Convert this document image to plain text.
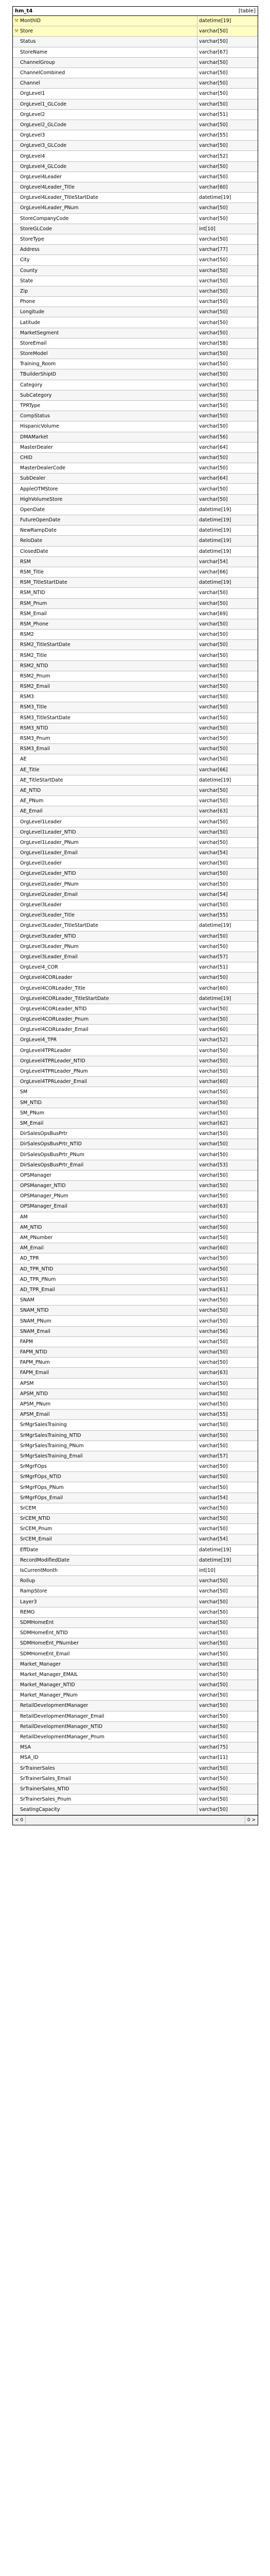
hm_t4	[table]
⚒ MonthID	datetime[19]
⚒ Store	varchar[50]
Status	varchar[50]
StoreName	varchar[67]
ChannelGroup	varchar[50]
ChannelCombined	varchar[50]
Channel	varchar[50]
OrgLevel1	varchar[50]
OrgLevel1_GLCode	varchar[50]
OrgLevel2	varchar[51]
OrgLevel2_GLCode	varchar[50]
OrgLevel3	varchar[55]
OrgLevel3_GLCode	varchar[50]
OrgLevel4	varchar[52]
OrgLevel4_GLCode	varchar[50]
OrgLevel4Leader	varchar[50]
OrgLevel4Leader_Title	varchar[60]
OrgLevel4Leader_TitleStartDate	datetime[19]
OrgLevel4Leader_PNum	varchar[50]
StoreCompanyCode	varchar[50]
StoreGLCode	int[10]
StoreType	varchar[50]
Address	varchar[77]
City	varchar[50]
County	varchar[50]
State	varchar[50]
Zip	varchar[50]
Phone	varchar[50]
Longitude	varchar[50]
Latitude	varchar[50]
MarketSegment	varchar[50]
StoreEmail	varchar[58]
StoreModel	varchar[50]
Training_Room	varchar[50]
TBuilderShipID	varchar[50]
Category	varchar[50]
SubCategory	varchar[50]
TPRType	varchar[50]
CompStatus	varchar[50]
HispanicVolume	varchar[50]
DMAMarket	varchar[56]
MasterDealer	varchar[64]
CHID	varchar[50]
MasterDealerCode	varchar[50]
SubDealer	varchar[64]
AppleOTMStore	varchar[50]
HighVolumeStore	varchar[50]
OpenDate	datetime[19]
FutureOpenDate	datetime[19]
NewRampDate	datetime[19]
RelоDate	datetime[19]
ClosedDate	datetime[19]
RSM	varchar[54]
RSM_Title	varchar[66]
RSM_TitleStartDate	datetime[19]
RSM_NTID	varchar[50]
RSM_Pnum	varchar[50]
RSM_Email	varchar[69]
RSM_Phone	varchar[50]
RSM2	varchar[50]
RSM2_TitleStartDate	varchar[50]
RSM2_Title	varchar[50]
RSM2_NTID	varchar[50]
RSM2_Pnum	varchar[50]
RSM2_Email	varchar[50]
RSM3	varchar[50]
RSM3_Title	varchar[50]
RSM3_TitleStartDate	varchar[50]
RSM3_NTID	varchar[50]
RSM3_Pnum	varchar[50]
RSM3_Email	varchar[50]
AE	varchar[50]
AE_Title	varchar[66]
AE_TitleStartDate	datetime[19]
AE_NTID	varchar[50]
AE_PNum	varchar[50]
AE_Email	varchar[63]
OrgLevel1Leader	varchar[50]
OrgLevel1Leader_NTID	varchar[50]
OrgLevel1Leader_PNum	varchar[50]
OrgLevel1Leader_Email	varchar[54]
OrgLevel2Leader	varchar[50]
OrgLevel2Leader_NTID	varchar[50]
OrgLevel2Leader_PNum	varchar[50]
OrgLevel2Leader_Email	varchar[54]
OrgLevel3Leader	varchar[50]
OrgLevel3Leader_Title	varchar[55]
OrgLevel3Leader_TitleStartDate	datetime[19]
OrgLevel3Leader_NTID	varchar[50]
OrgLevel3Leader_PNum	varchar[50]
OrgLevel3Leader_Email	varchar[57]
OrgLevel4_COR	varchar[51]
OrgLevel4CORLeader	varchar[50]
OrgLevel4CORLeader_Title	varchar[60]
OrgLevel4CORLeader_TitleStartDate	datetime[19]
OrgLevel4CORLeader_NTID	varchar[50]
OrgLevel4CORLeader_Pnum	varchar[50]
OrgLevel4CORLeader_Email	varchar[60]
OrgLevel4_TPR	varchar[52]
OrgLevel4TPRLeader	varchar[50]
OrgLevel4TPRLeader_NTID	varchar[50]
OrgLevel4TPRLeader_PNum	varchar[50]
OrgLevel4TPRLeader_Email	varchar[60]
SM	varchar[50]
SM_NTID	varchar[50]
SM_PNum	varchar[50]
SM_Email	varchar[62]
DirSalesOpsBusPrtr	varchar[50]
DirSalesOpsBusPrtr_NTID	varchar[50]
DirSalesOpsBusPrtr_PNum	varchar[50]
DirSalesOpsBusPrtr_Email	varchar[53]
OPSManager	varchar[50]
OPSManager_NTID	varchar[50]
OPSManager_PNum	varchar[50]
OPSManager_Email	varchar[63]
AM	varchar[50]
AM_NTID	varchar[50]
AM_PNumber	varchar[50]
AM_Email	varchar[60]
AD_TPR	varchar[50]
AD_TPR_NTID	varchar[50]
AD_TPR_PNum	varchar[50]
AD_TPR_Email	varchar[61]
SNAM	varchar[50]
SNAM_NTID	varchar[50]
SNAM_PNum	varchar[50]
SNAM_Email	varchar[56]
FAPM	varchar[50]
FAPM_NTID	varchar[50]
FAPM_PNum	varchar[50]
FAPM_Email	varchar[63]
APSM	varchar[50]
APSM_NTID	varchar[50]
APSM_PNum	varchar[50]
APSM_Email	varchar[55]
SrMgrSalesTraining	varchar[50]
SrMgrSalesTraining_NTID	varchar[50]
SrMgrSalesTraining_PNum	varchar[50]
SrMgrSalesTraining_Email	varchar[57]
SrMgrFOps	varchar[50]
SrMgrFOps_NTID	varchar[50]
SrMgrFOps_PNum	varchar[50]
SrMgrFOps_Email	varchar[54]
SrCEM	varchar[50]
SrCEM_NTID	varchar[50]
SrCEM_Pnum	varchar[50]
SrCEM_Email	varchar[54]
EffDate	datetime[19]
RecordModifiedDate	datetime[19]
IsCurrentMonth	int[10]
Rollup	varchar[50]
RampStore	varchar[50]
Layer3	varchar[50]
REMO	varchar[50]
SDMHomeEnt	varchar[50]
SDMHomeEnt_NTID	varchar[50]
SDMHomeEnt_PNumber	varchar[50]
SDMHomeEnt_Email	varchar[50]
Market_Manager	varchar[50]
Market_Manager_EMAIL	varchar[50]
Market_Manager_NTID	varchar[50]
Market_Manager_PNum	varchar[50]
RetailDevelopmentManager	varchar[50]
RetailDevelopmentManager_Email	varchar[50]
RetailDevelopmentManager_NTID	varchar[50]
RetailDevelopmentManager_Pnum	varchar[50]
MSA	varchar[75]
MSA_ID	varchar[11]
SrTrainerSales	varchar[50]
SrTrainerSales_Email	varchar[50]
SrTrainerSales_NTID	varchar[50]
SrTrainerSales_Pnum	varchar[50]
SeatingCapacity	varchar[50]
< 0	0 >
